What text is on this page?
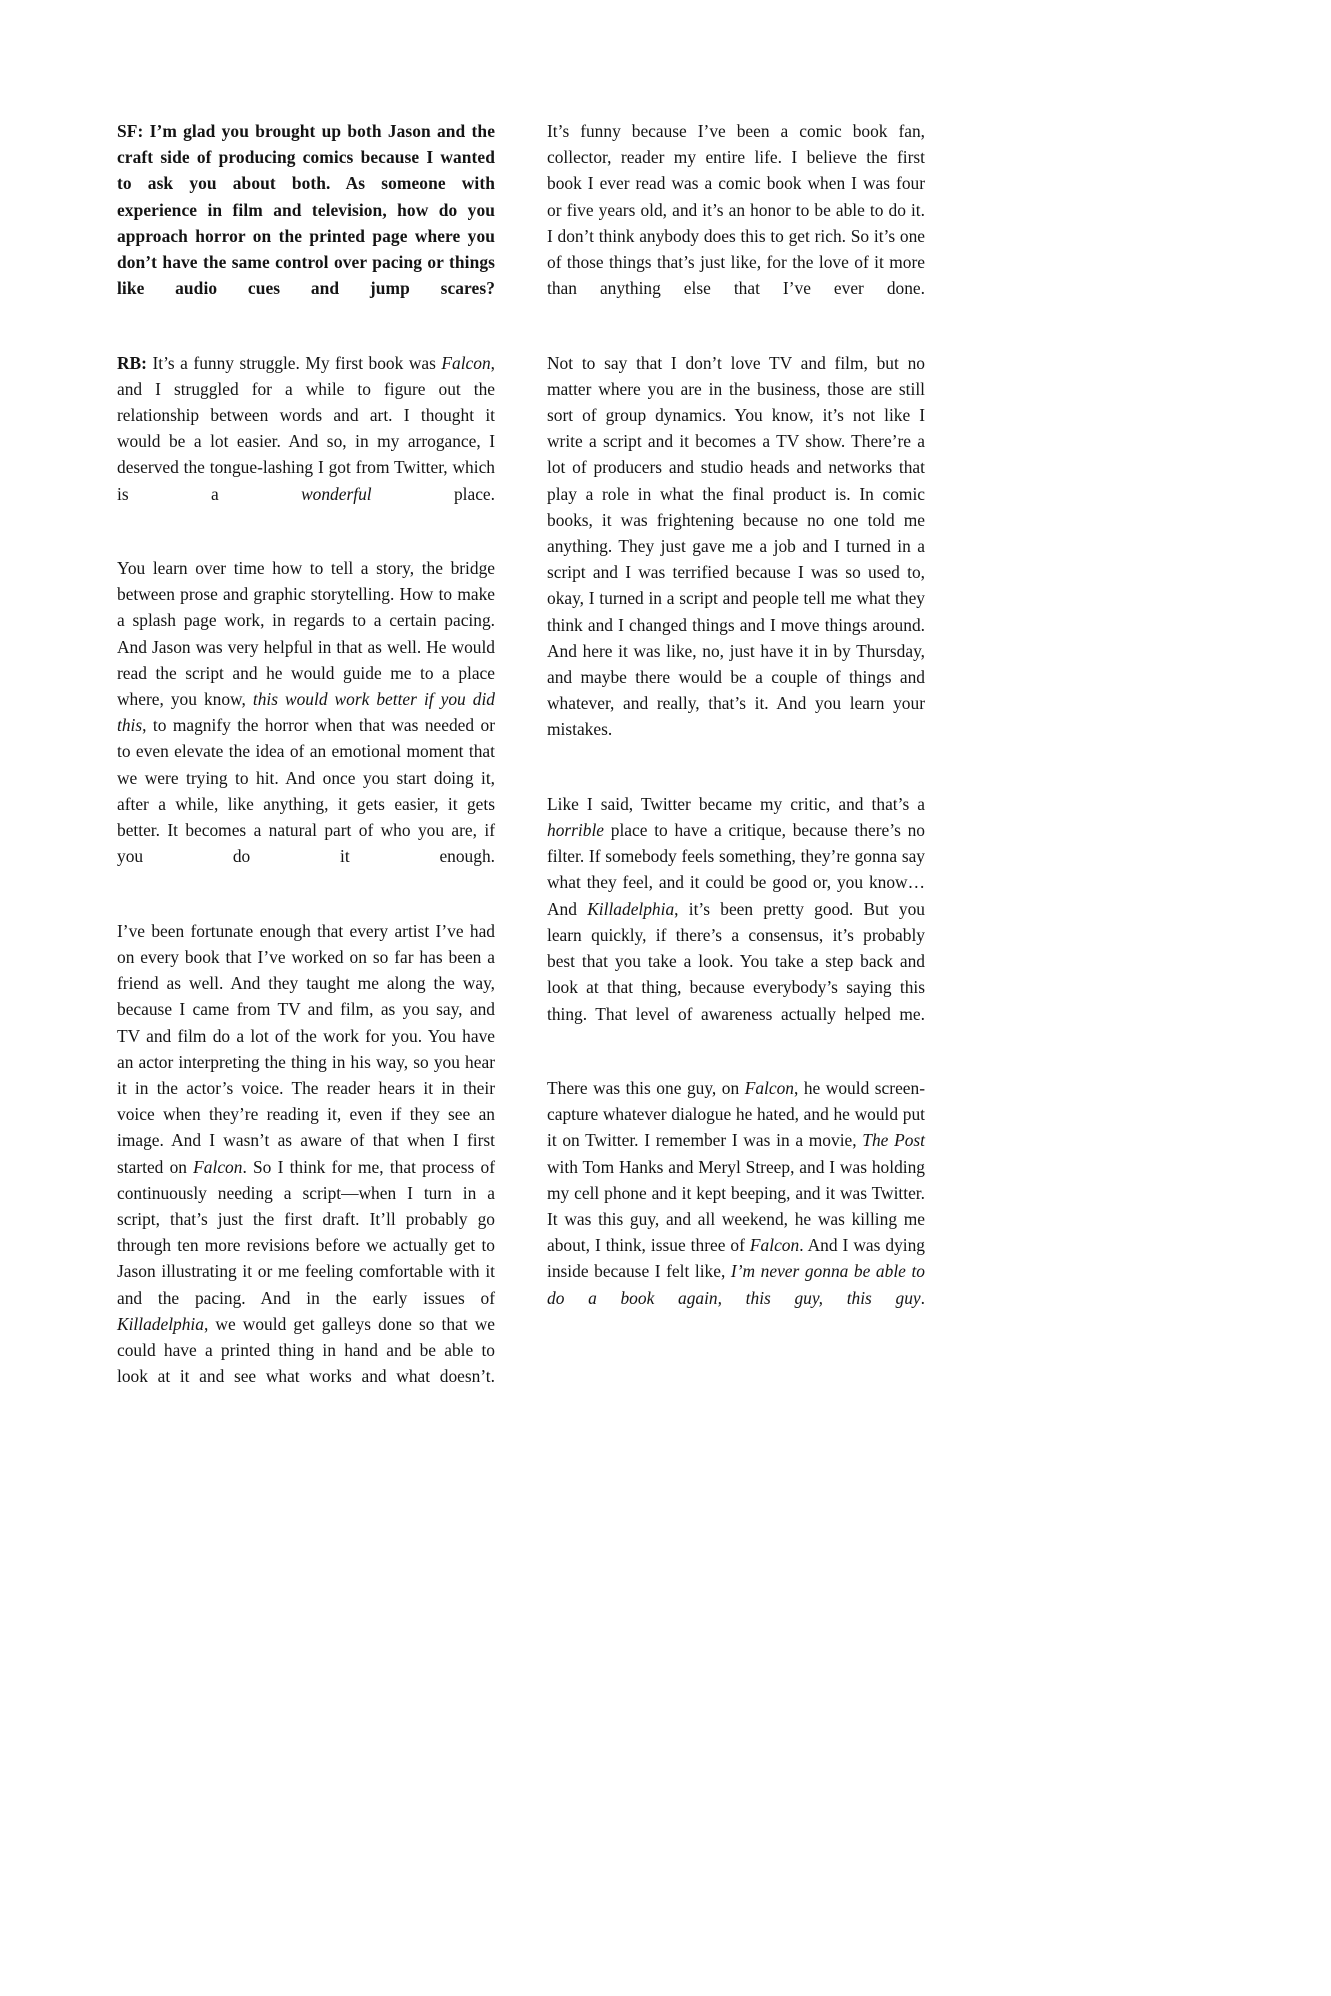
SF: I’m glad you brought up both Jason and the craft side of producing comics because I wanted to ask you about both. As someone with experience in film and television, how do you approach horror on the printed page where you don’t have the same control over pacing or things like audio cues and jump scares?

RB: It’s a funny struggle. My first book was Falcon, and I struggled for a while to figure out the relationship between words and art. I thought it would be a lot easier. And so, in my arrogance, I deserved the tongue-lashing I got from Twitter, which is a wonderful place.

You learn over time how to tell a story, the bridge between prose and graphic storytelling. How to make a splash page work, in regards to a certain pacing. And Jason was very helpful in that as well. He would read the script and he would guide me to a place where, you know, this would work better if you did this, to magnify the horror when that was needed or to even elevate the idea of an emotional moment that we were trying to hit. And once you start doing it, after a while, like anything, it gets easier, it gets better. It becomes a natural part of who you are, if you do it enough.

I’ve been fortunate enough that every artist I’ve had on every book that I’ve worked on so far has been a friend as well. And they taught me along the way, because I came from TV and film, as you say, and TV and film do a lot of the work for you. You have an actor interpreting the thing in his way, so you hear it in the actor’s voice. The reader hears it in their voice when they’re reading it, even if they see an image. And I wasn’t as aware of that when I first started on Falcon. So I think for me, that process of continuously needing a script—when I turn in a script, that’s just the first draft. It’ll probably go through ten more revisions before we actually get to Jason illustrating it or me feeling comfortable with it and the pacing. And in the early issues of Killadelphia, we would get galleys done so that we could have a printed thing in hand and be able to look at it and see what works and what doesn’t.

It’s funny because I’ve been a comic book fan, collector, reader my entire life. I believe the first book I ever read was a comic book when I was four or five years old, and it’s an honor to be able to do it. I don’t think anybody does this to get rich. So it’s one of those things that’s just like, for the love of it more than anything else that I’ve ever done.

Not to say that I don’t love TV and film, but no matter where you are in the business, those are still sort of group dynamics. You know, it’s not like I write a script and it becomes a TV show. There’re a lot of producers and studio heads and networks that play a role in what the final product is. In comic books, it was frightening because no one told me anything. They just gave me a job and I turned in a script and I was terrified because I was so used to, okay, I turned in a script and people tell me what they think and I changed things and I move things around. And here it was like, no, just have it in by Thursday, and maybe there would be a couple of things and whatever, and really, that’s it. And you learn your mistakes.

Like I said, Twitter became my critic, and that’s a horrible place to have a critique, because there’s no filter. If somebody feels something, they’re gonna say what they feel, and it could be good or, you know… And Killadelphia, it’s been pretty good. But you learn quickly, if there’s a consensus, it’s probably best that you take a look. You take a step back and look at that thing, because everybody’s saying this thing. That level of awareness actually helped me.

There was this one guy, on Falcon, he would screen-capture whatever dialogue he hated, and he would put it on Twitter. I remember I was in a movie, The Post with Tom Hanks and Meryl Streep, and I was holding my cell phone and it kept beeping, and it was Twitter. It was this guy, and all weekend, he was killing me about, I think, issue three of Falcon. And I was dying inside because I felt like, I’m never gonna be able to do a book again, this guy, this guy.
